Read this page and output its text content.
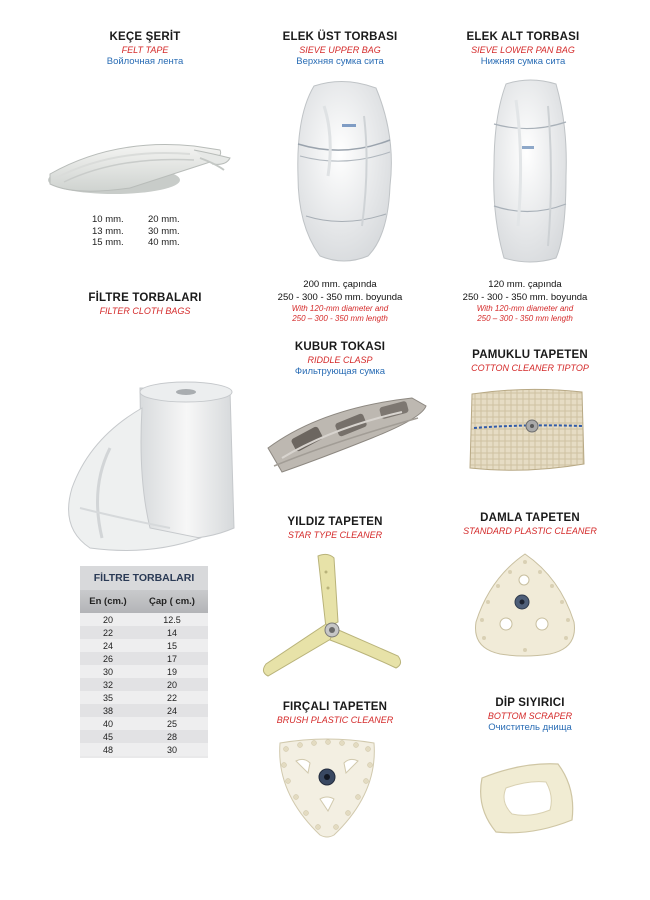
KEÇE ŞERİT
FELT TAPE
Войлочная лента
10 mm.	20 mm.
13 mm.	30 mm.
15 mm.	40 mm.
ELEK ÜST TORBASI
SIEVE UPPER BAG
Верхняя сумка сита
200 mm. çapında
250 - 300 - 350 mm. boyunda
With 120-mm diameter and
250 – 300 - 350 mm length
ELEK ALT TORBASI
SIEVE LOWER PAN BAG
Нижняя сумка сита
120 mm. çapında
250 - 300 - 350 mm. boyunda
With 120-mm diameter and
250 – 300 - 350 mm length
FİLTRE TORBALARI
FILTER CLOTH BAGS
FİLTRE TORBALARI
En (cm.)	Çap ( cm.)
20	12.5
22	14
24	15
26	17
30	19
32	20
35	22
38	24
40	25
45	28
48	30
KUBUR TOKASI
RIDDLE CLASP
Фильтрующая сумка
PAMUKLU TAPETEN
COTTON CLEANER TIPTOP
YILDIZ TAPETEN
STAR TYPE CLEANER
DAMLA TAPETEN
STANDARD PLASTIC CLEANER
FIRÇALI TAPETEN
BRUSH PLASTIC CLEANER
DİP SIYIRICI
BOTTOM SCRAPER
Очиститель днища
